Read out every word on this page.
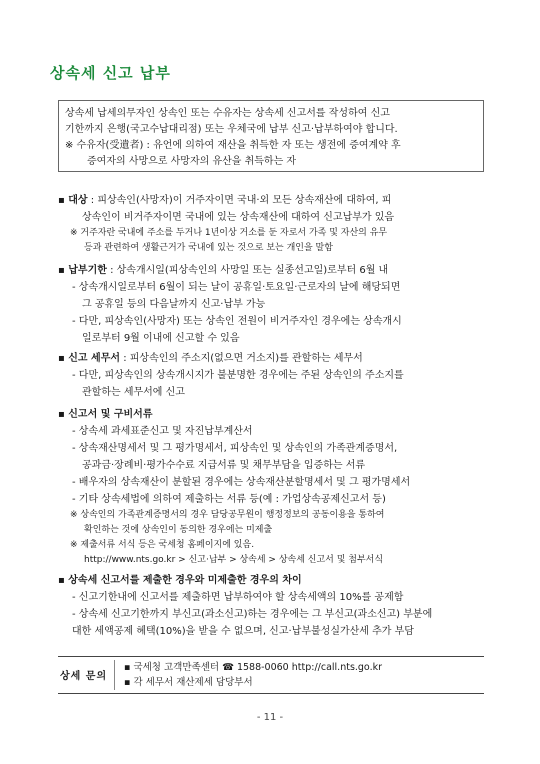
상속세 신고 납부

상속세 납세의무자인 상속인 또는 수유자는 상속세 신고서를 작성하여 신고

기한까지 은행(국고수납대리점) 또는 우체국에 납부 신고·납부하여야 합니다.

※ 수유자(受遺者) : 유언에 의하여 재산을 취득한 자 또는 생전에 증여계약 후

증여자의 사망으로 사망자의 유산을 취득하는 자

▪ 대상 : 피상속인(사망자)이 거주자이면 국내·외 모든 상속재산에 대하여, 피

상속인이 비거주자이면 국내에 있는 상속재산에 대하여 신고납부가 있음

※ 거주자란 국내에 주소를 두거나 1년이상 거소를 둔 자로서 가족 및 자산의 유무

등과 관련하여 생활근거가 국내에 있는 것으로 보는 개인을 말함

▪ 납부기한 : 상속개시일(피상속인의 사망일 또는 실종선고일)로부터 6월 내

- 상속개시일로부터 6월이 되는 날이 공휴일·토요일·근로자의 날에 해당되면

그 공휴일 등의 다음날까지 신고·납부 가능

- 다만, 피상속인(사망자) 또는 상속인 전원이 비거주자인 경우에는 상속개시

일로부터 9월 이내에 신고할 수 있음

▪ 신고 세무서 : 피상속인의 주소지(없으면 거소지)를 관할하는 세무서

- 다만, 피상속인의 상속개시지가 불분명한 경우에는 주된 상속인의 주소지를

관할하는 세무서에 신고

▪ 신고서 및 구비서류

- 상속세 과세표준신고 및 자진납부계산서

- 상속재산명세서 및 그 평가명세서, 피상속인 및 상속인의 가족관계증명서,

공과금·장례비·평가수수료 지급서류 및 채무부담을 입증하는 서류

- 배우자의 상속재산이 분할된 경우에는 상속재산분할명세서 및 그 평가명세서

- 기타 상속세법에 의하여 제출하는 서류 등(예 : 가업상속공제신고서 등)

※ 상속인의 가족관계증명서의 경우 담당공무원이 행정정보의 공동이용을 통하여

확인하는 것에 상속인이 동의한 경우에는 미제출

※ 제출서류 서식 등은 국세청 홈페이지에 있음.

http://www.nts.go.kr > 신고·납부 > 상속세 > 상속세 신고서 및 첨부서식

▪ 상속세 신고서를 제출한 경우와 미제출한 경우의 차이

- 신고기한내에 신고서를 제출하면 납부하여야 할 상속세액의 10%를 공제함

- 상속세 신고기한까지 부신고(과소신고)하는 경우에는 그 부신고(과소신고) 부분에

대한 세액공제 혜택(10%)을 받을 수 없으며, 신고·납부불성실가산세 추가 부담

상세 문의
▪ 국세청 고객만족센터 ☎ 1588-0060 http://call.nts.go.kr
▪ 각 세무서 재산제세 담당부서
- 11 -
